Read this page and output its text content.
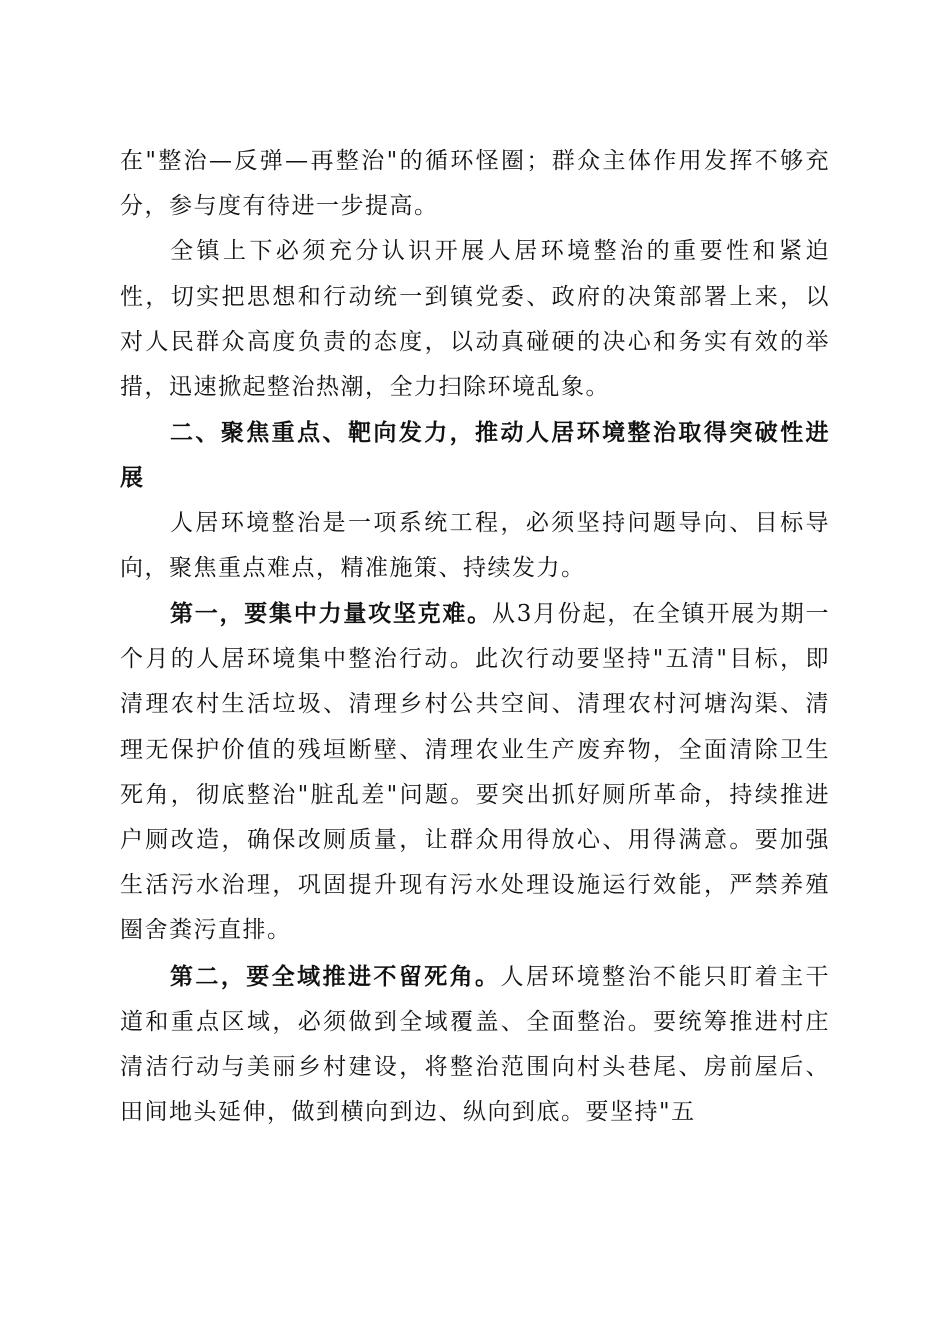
在"整治—反弹—再整治"的循环怪圈；群众主体作用发挥不够充分，参与度有待进一步提高。

全镇上下必须充分认识开展人居环境整治的重要性和紧迫性，切实把思想和行动统一到镇党委、政府的决策部署上来，以对人民群众高度负责的态度，以动真碰硬的决心和务实有效的举措，迅速掀起整治热潮，全力扫除环境乱象。

二、聚焦重点、靶向发力，推动人居环境整治取得突破性进展

人居环境整治是一项系统工程，必须坚持问题导向、目标导向，聚焦重点难点，精准施策、持续发力。

第一，要集中力量攻坚克难。从3月份起，在全镇开展为期一个月的人居环境集中整治行动。此次行动要坚持"五清"目标，即清理农村生活垃圾、清理乡村公共空间、清理农村河塘沟渠、清理无保护价值的残垣断壁、清理农业生产废弃物，全面清除卫生死角，彻底整治"脏乱差"问题。要突出抓好厕所革命，持续推进户厕改造，确保改厕质量，让群众用得放心、用得满意。要加强生活污水治理，巩固提升现有污水处理设施运行效能，严禁养殖圈舍粪污直排。

第二，要全域推进不留死角。人居环境整治不能只盯着主干道和重点区域，必须做到全域覆盖、全面整治。要统筹推进村庄清洁行动与美丽乡村建设，将整治范围向村头巷尾、房前屋后、田间地头延伸，做到横向到边、纵向到底。要坚持"五
